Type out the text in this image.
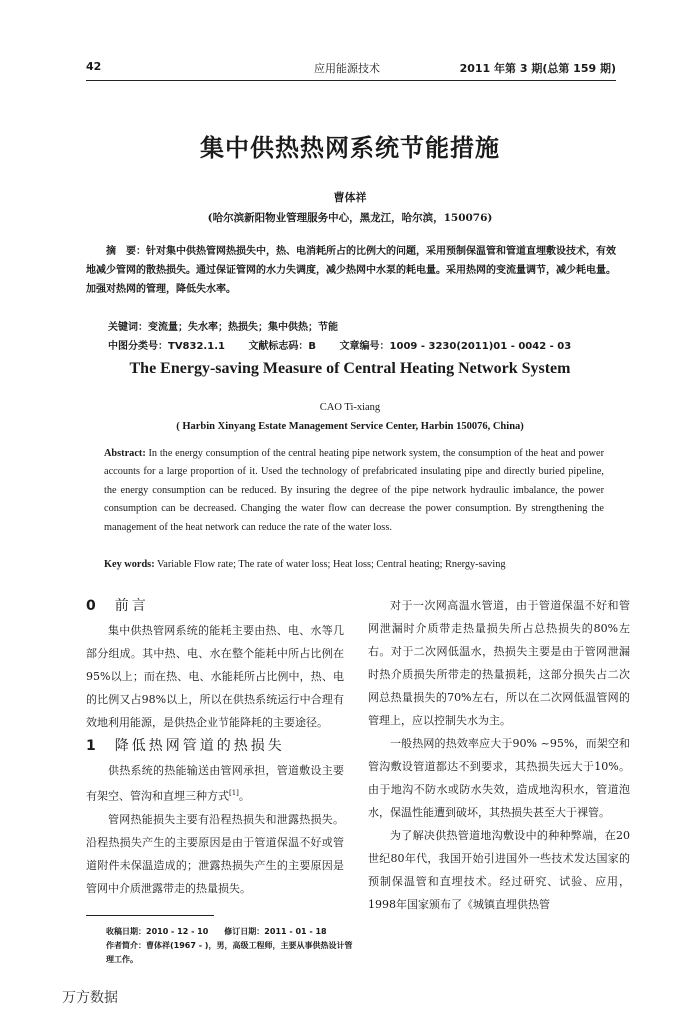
42	应用能源技术	2011 年第 3 期(总第 159 期)
集中供热热网系统节能措施
曹体祥
(哈尔滨新阳物业管理服务中心，黑龙江，哈尔滨，150076)
摘　要：针对集中供热管网热损失中，热、电消耗所占的比例大的问题，采用预制保温管和管道直埋敷设技术，有效地减少管网的散热损失。通过保证管网的水力失调度，减少热网中水泵的耗电量。采用热网的变流量调节，减少耗电量。加强对热网的管理，降低失水率。
关键词：变流量；失水率；热损失；集中供热；节能
中图分类号：TV832.1.1 文献标志码：B 文章编号：1009 - 3230(2011)01 - 0042 - 03
The Energy-saving Measure of Central Heating Network System
CAO Ti-xiang
( Harbin Xinyang Estate Management Service Center, Harbin 150076, China)
Abstract: In the energy consumption of the central heating pipe network system, the consumption of the heat and power accounts for a large proportion of it. Used the technology of prefabricated insulating pipe and directly buried pipeline, the energy consumption can be reduced. By insuring the degree of the pipe network hydraulic imbalance, the power consumption can be decreased. Changing the water flow can decrease the power consumption. By strengthening the management of the heat network can reduce the rate of the water loss.
Key words: Variable Flow rate; The rate of water loss; Heat loss; Central heating; Rnergy-saving
0 前言

集中供热管网系统的能耗主要由热、电、水等几部分组成。其中热、电、水在整个能耗中所占比例在95%以上；而在热、电、水能耗所占比例中，热、电的比例又占98%以上，所以在供热系统运行中合理有效地利用能源，是供热企业节能降耗的主要途径。

1 降低热网管道的热损失

供热系统的热能输送由管网承担，管道敷设主要有架空、管沟和直埋三种方式[1]。

管网热能损失主要有沿程热损失和泄露热损失。沿程热损失产生的主要原因是由于管道保温不好或管道附件未保温造成的；泄露热损失产生的主要原因是管网中介质泄露带走的热量损失。

对于一次网高温水管道，由于管道保温不好和管网泄漏时介质带走热量损失所占总热损失的80%左右。对于二次网低温水，热损失主要是由于管网泄漏时热介质损失所带走的热量损耗，这部分损失占二次网总热量损失的70%左右，所以在二次网低温管网的管理上，应以控制失水为主。

一般热网的热效率应大于90% ~95%，而架空和管沟敷设管道都达不到要求，其热损失远大于10%。由于地沟不防水或防水失效，造成地沟积水，管道泡水，保温性能遭到破坏，其热损失甚至大于裸管。

为了解决供热管道地沟敷设中的种种弊端，在20世纪80年代，我国开始引进国外一些技术发达国家的预制保温管和直埋技术。经过研究、试验、应用，1998年国家颁布了《城镇直埋供热管

收稿日期：2010 - 12 - 10　　修订日期：2011 - 01 - 18
作者简介：曹体祥(1967 - )，男，高级工程师，主要从事供热设计管理工作。
万方数据
